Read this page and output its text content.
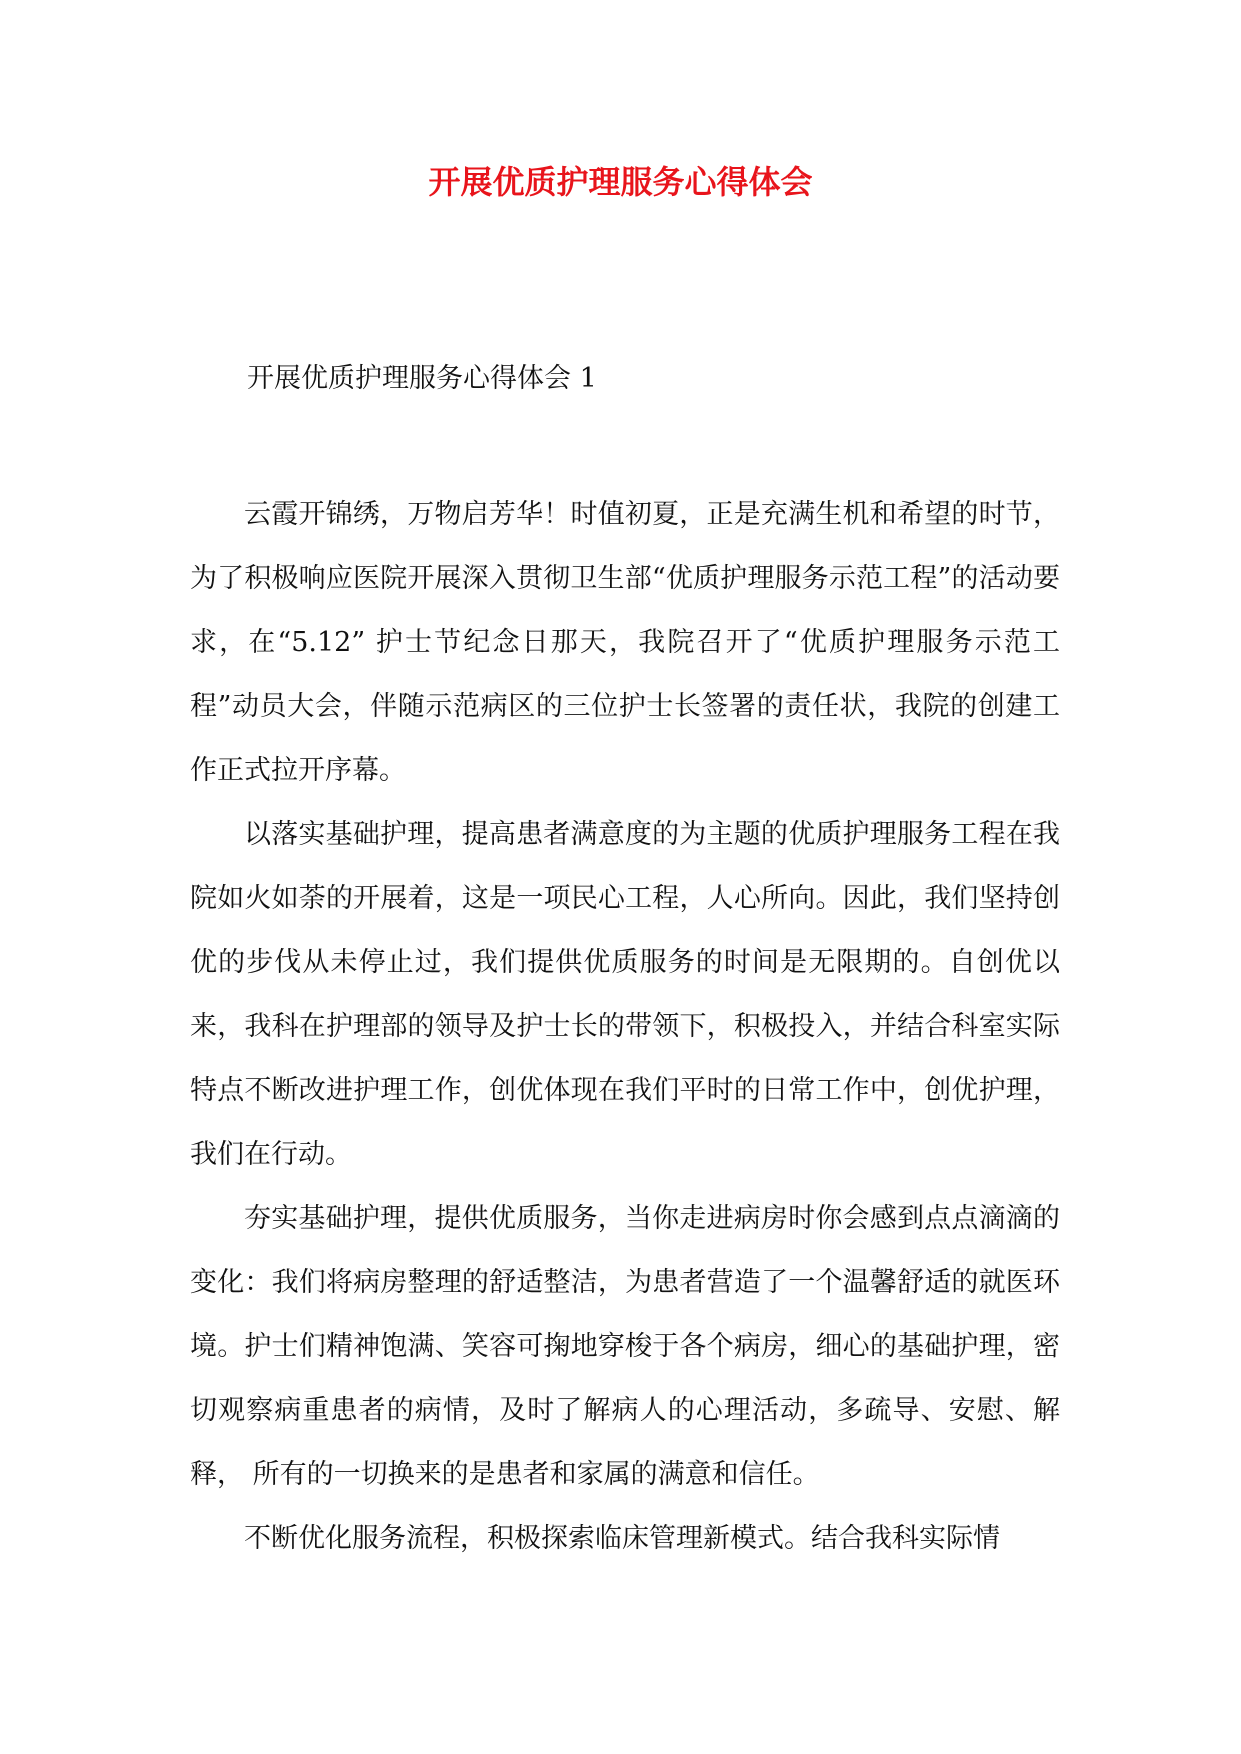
开展优质护理服务心得体会

开展优质护理服务心得体会 1

云霞开锦绣，万物启芳华！时值初夏，正是充满生机和希望的时节，为了积极响应医院开展深入贯彻卫生部“优质护理服务示范工程”的活动要求，在“5.12” 护士节纪念日那天，我院召开了“优质护理服务示范工程”动员大会，伴随示范病区的三位护士长签署的责任状，我院的创建工作正式拉开序幕。

以落实基础护理，提高患者满意度的为主题的优质护理服务工程在我院如火如荼的开展着，这是一项民心工程，人心所向。因此，我们坚持创优的步伐从未停止过，我们提供优质服务的时间是无限期的。自创优以来，我科在护理部的领导及护士长的带领下，积极投入，并结合科室实际特点不断改进护理工作，创优体现在我们平时的日常工作中，创优护理，我们在行动。

夯实基础护理，提供优质服务，当你走进病房时你会感到点点滴滴的变化：我们将病房整理的舒适整洁，为患者营造了一个温馨舒适的就医环境。护士们精神饱满、笑容可掬地穿梭于各个病房，细心的基础护理，密切观察病重患者的病情，及时了解病人的心理活动，多疏导、安慰、解释， 所有的一切换来的是患者和家属的满意和信任。

不断优化服务流程，积极探索临床管理新模式。结合我科实际情
